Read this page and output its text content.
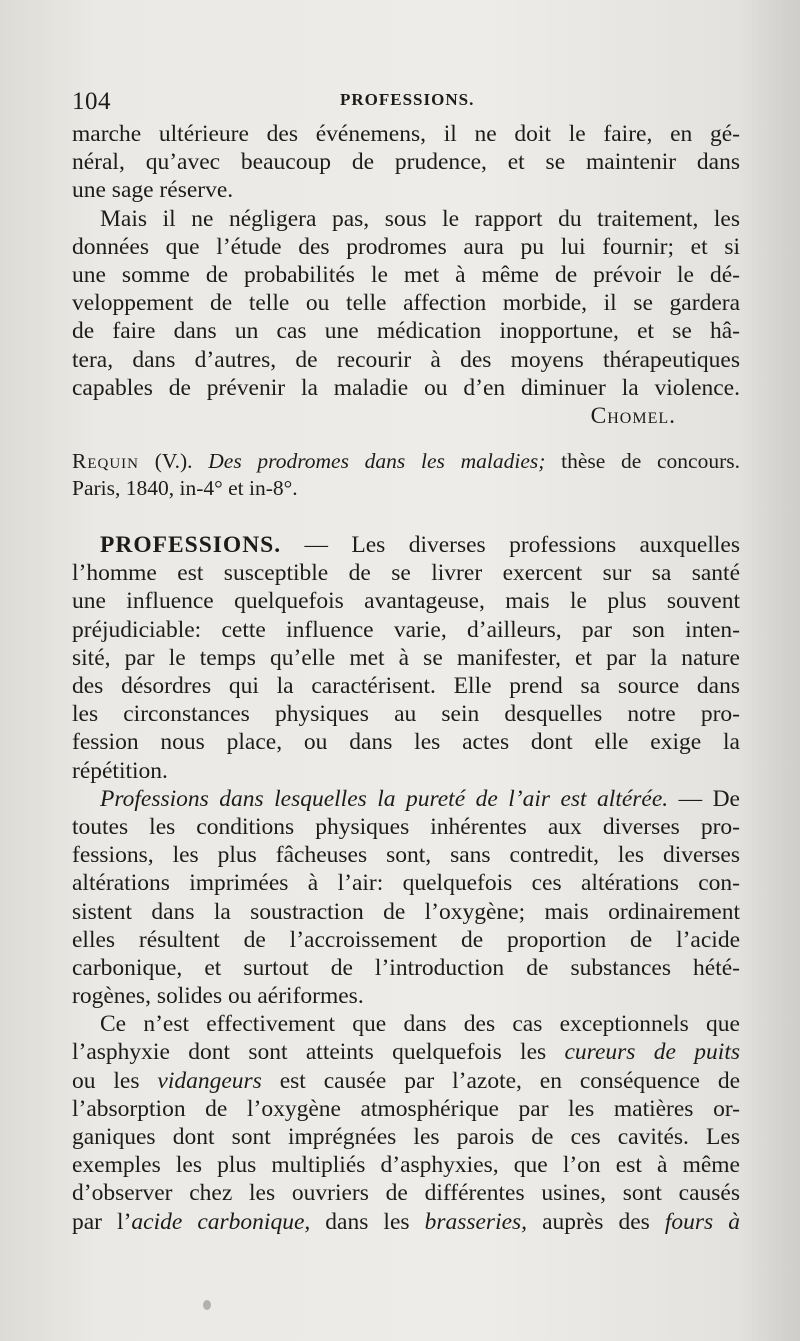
104	PROFESSIONS.
marche ultérieure des événemens, il ne doit le faire, en gé-
néral, qu’avec beaucoup de prudence, et se maintenir dans
une sage réserve.
Mais il ne négligera pas, sous le rapport du traitement, les
données que l’étude des prodromes aura pu lui fournir; et si
une somme de probabilités le met à même de prévoir le dé-
veloppement de telle ou telle affection morbide, il se gardera
de faire dans un cas une médication inopportune, et se hâ-
tera, dans d’autres, de recourir à des moyens thérapeutiques
capables de prévenir la maladie ou d’en diminuer la violence.
Chomel.
Requin (V.). Des prodromes dans les maladies; thèse de concours.
Paris, 1840, in-4° et in-8°.
PROFESSIONS. — Les diverses professions auxquelles
l’homme est susceptible de se livrer exercent sur sa santé
une influence quelquefois avantageuse, mais le plus souvent
préjudiciable: cette influence varie, d’ailleurs, par son inten-
sité, par le temps qu’elle met à se manifester, et par la nature
des désordres qui la caractérisent. Elle prend sa source dans
les circonstances physiques au sein desquelles notre pro-
fession nous place, ou dans les actes dont elle exige la
répétition.
Professions dans lesquelles la pureté de l’air est altérée. — De
toutes les conditions physiques inhérentes aux diverses pro-
fessions, les plus fâcheuses sont, sans contredit, les diverses
altérations imprimées à l’air: quelquefois ces altérations con-
sistent dans la soustraction de l’oxygène; mais ordinairement
elles résultent de l’accroissement de proportion de l’acide
carbonique, et surtout de l’introduction de substances hété-
rogènes, solides ou aériformes.
Ce n’est effectivement que dans des cas exceptionnels que
l’asphyxie dont sont atteints quelquefois les cureurs de puits
ou les vidangeurs est causée par l’azote, en conséquence de
l’absorption de l’oxygène atmosphérique par les matières or-
ganiques dont sont imprégnées les parois de ces cavités. Les
exemples les plus multipliés d’asphyxies, que l’on est à même
d’observer chez les ouvriers de différentes usines, sont causés
par l’acide carbonique, dans les brasseries, auprès des fours à
